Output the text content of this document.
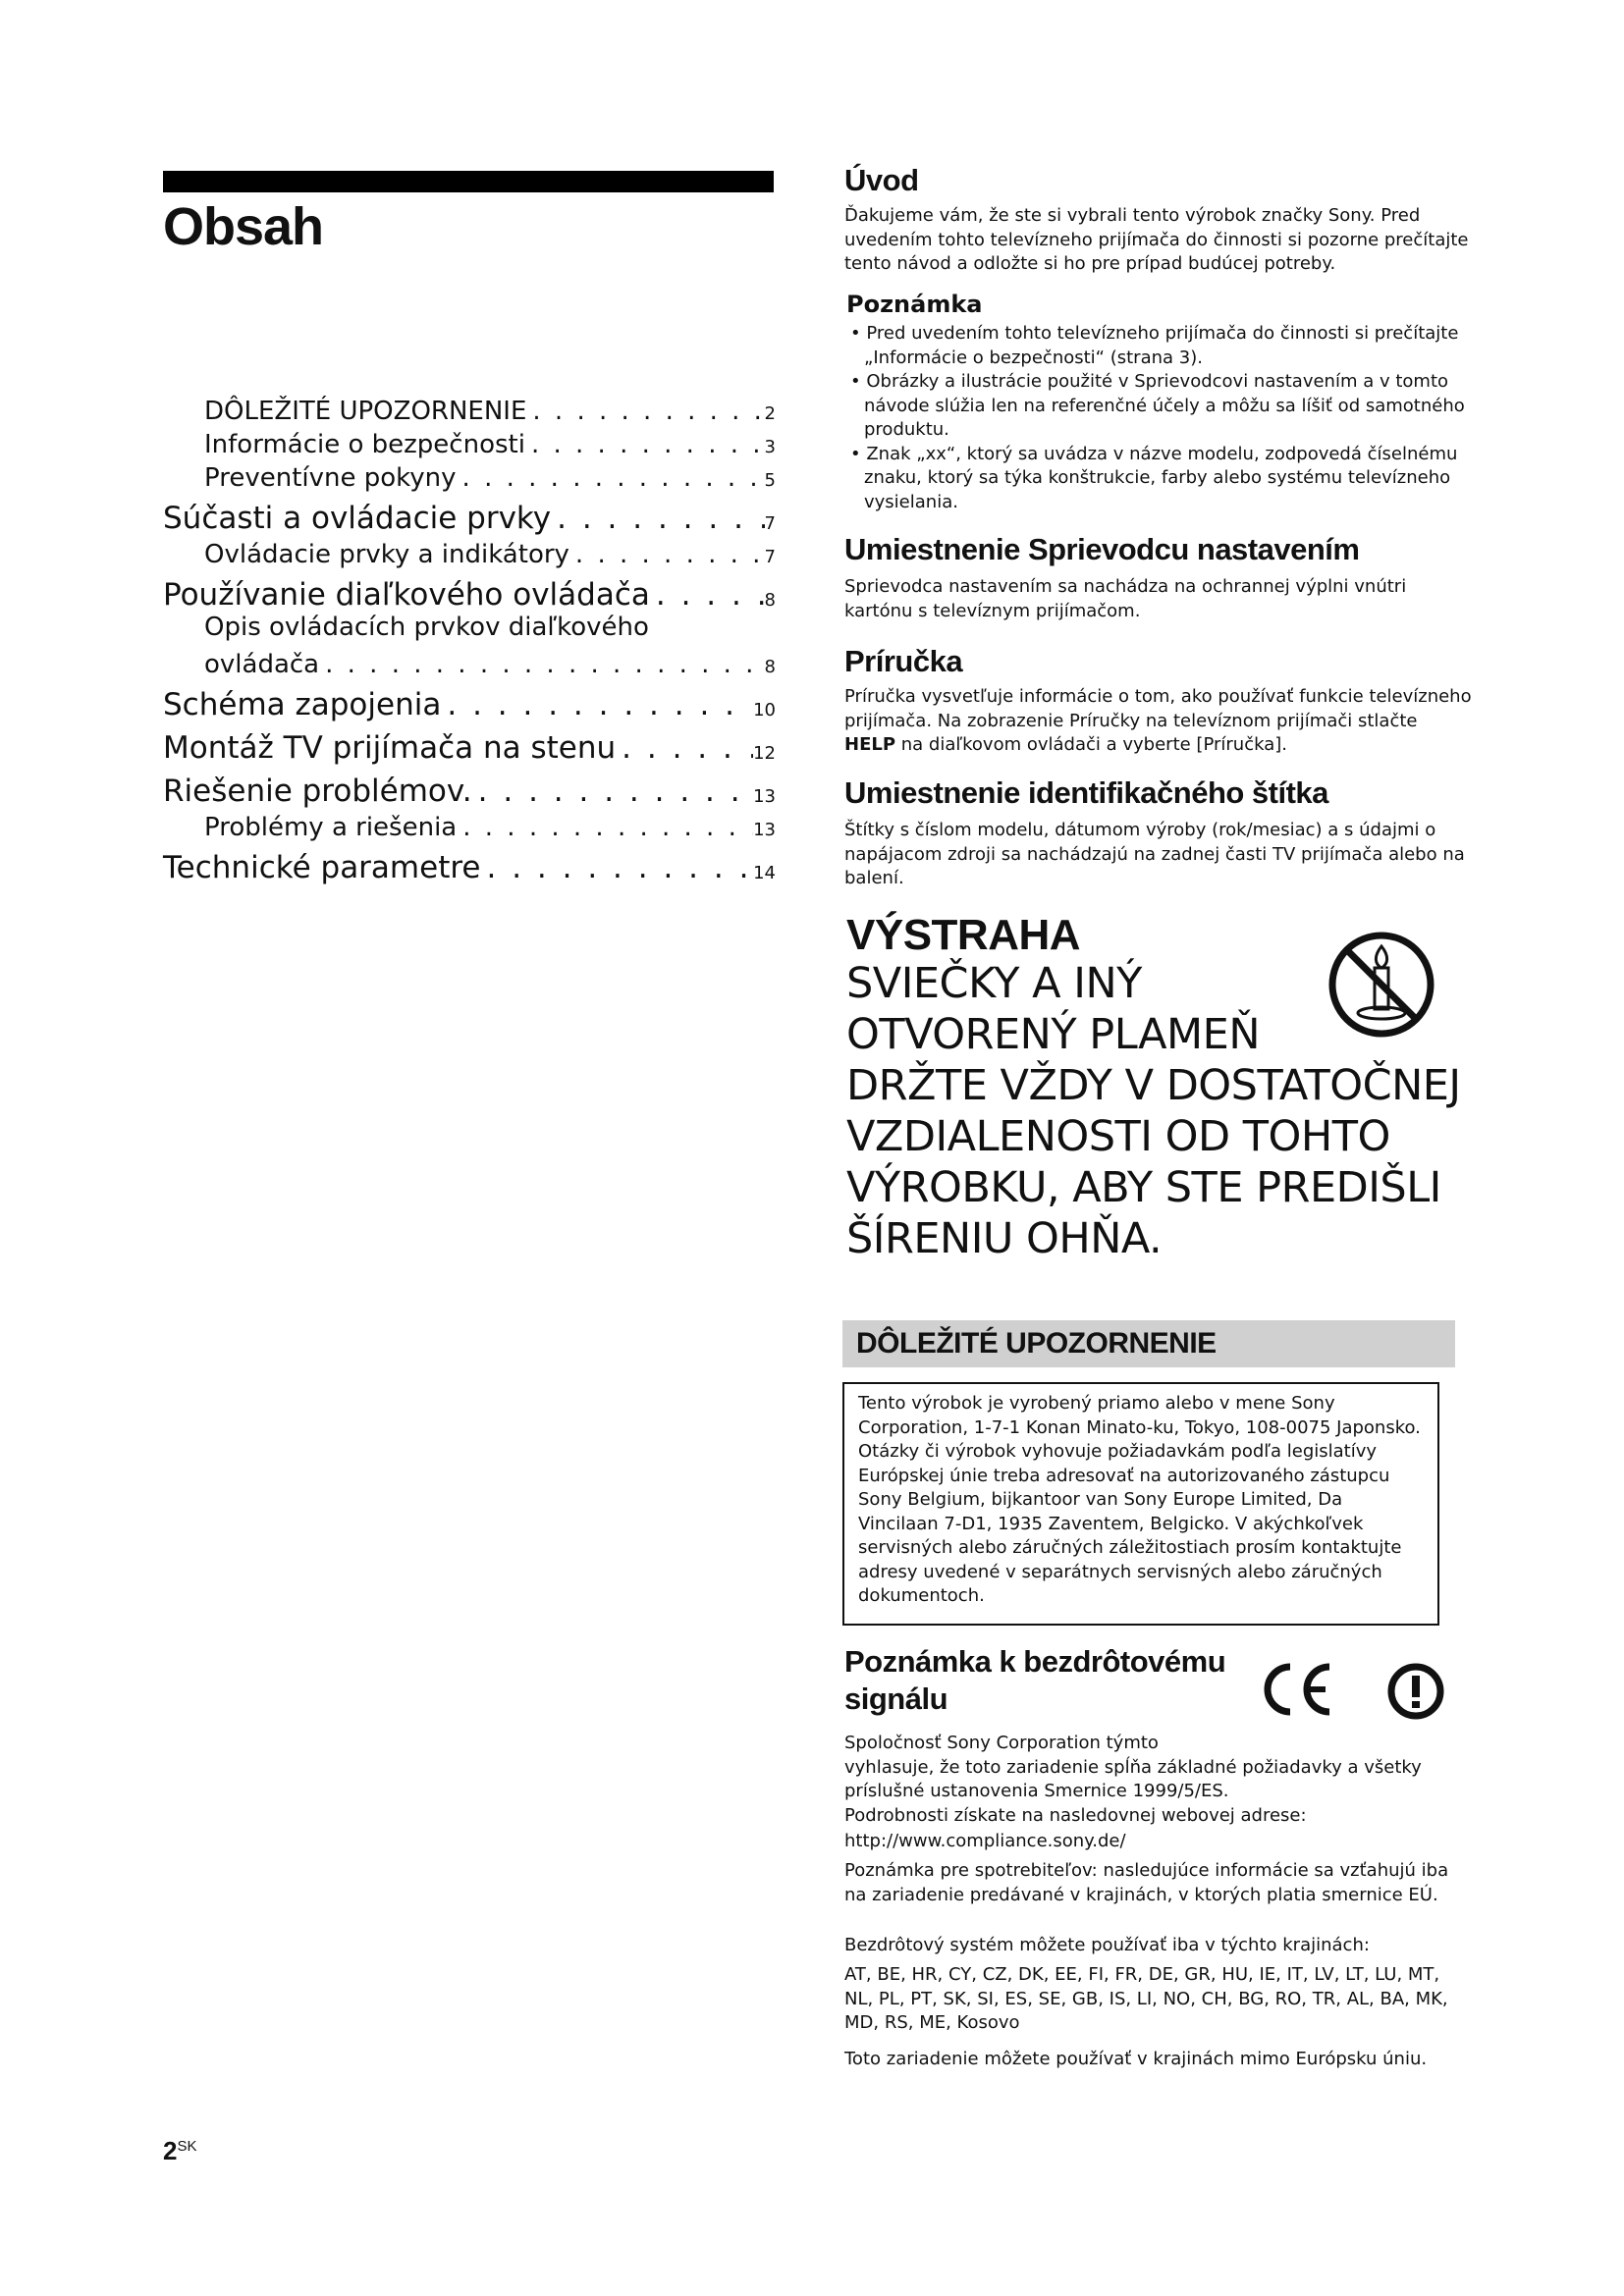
Obsah
DÔLEŽITÉ UPOZORNENIE . . .	2
Informácie o bezpečnosti . . .	3
Preventívne pokyny . . .	5
Súčasti a ovládacie prvky . . .	7
Ovládacie prvky a indikátory . . .	7
Používanie diaľkového ovládača . . .	8
Opis ovládacích prvkov diaľkového
ovládača . . .	8
Schéma zapojenia . . .	10
Montáž TV prijímača na stenu . . .	12
Riešenie problémov. . . .	13
Problémy a riešenia . . .	13
Technické parametre . . .	14
Úvod

Ďakujeme vám, že ste si vybrali tento výrobok značky Sony. Pred uvedením tohto televízneho prijímača do činnosti si pozorne prečítajte tento návod a odložte si ho pre prípad budúcej potreby.

Poznámka
• Pred uvedením tohto televízneho prijímača do činnosti si prečítajte „Informácie o bezpečnosti“ (strana 3).
• Obrázky a ilustrácie použité v Sprievodcovi nastavením a v tomto návode slúžia len na referenčné účely a môžu sa líšiť od samotného produktu.
• Znak „xx“, ktorý sa uvádza v názve modelu, zodpovedá číselnému znaku, ktorý sa týka konštrukcie, farby alebo systému televízneho vysielania.
Umiestnenie Sprievodcu nastavením

Sprievodca nastavením sa nachádza na ochrannej výplni vnútri kartónu s televíznym prijímačom.

Príručka

Príručka vysvetľuje informácie o tom, ako používať funkcie televízneho prijímača. Na zobrazenie Príručky na televíznom prijímači stlačte HELP na diaľkovom ovládači a vyberte [Príručka].

Umiestnenie identifikačného štítka

Štítky s číslom modelu, dátumom výroby (rok/mesiac) a s údajmi o napájacom zdroji sa nachádzajú na zadnej časti TV prijímača alebo na balení.

VÝSTRAHA
SVIEČKY A INÝ
OTVORENÝ PLAMEŇ
DRŽTE VŽDY V DOSTATOČNEJ
VZDIALENOSTI OD TOHTO
VÝROBKU, ABY STE PREDIŠLI
ŠÍRENIU OHŇA.
DÔLEŽITÉ UPOZORNENIE

Tento výrobok je vyrobený priamo alebo v mene Sony Corporation, 1-7-1 Konan Minato-ku, Tokyo, 108-0075 Japonsko. Otázky či výrobok vyhovuje požiadavkám podľa legislatívy Európskej únie treba adresovať na autorizovaného zástupcu Sony Belgium, bijkantoor van Sony Europe Limited, Da Vincilaan 7-D1, 1935 Zaventem, Belgicko. V akýchkoľvek servisných alebo záručných záležitostiach prosím kontaktujte adresy uvedené v separátnych servisných alebo záručných dokumentoch.

Poznámka k bezdrôtovému
signálu

Spoločnosť Sony Corporation týmto
vyhlasuje, že toto zariadenie spĺňa základné požiadavky a všetky príslušné ustanovenia Smernice 1999/5/ES.

Podrobnosti získate na nasledovnej webovej adrese:

http://www.compliance.sony.de/

Poznámka pre spotrebiteľov: nasledujúce informácie sa vzťahujú iba na zariadenie predávané v krajinách, v ktorých platia smernice EÚ.

Bezdrôtový systém môžete používať iba v týchto krajinách:

AT, BE, HR, CY, CZ, DK, EE, FI, FR, DE, GR, HU, IE, IT, LV, LT, LU, MT, NL, PL, PT, SK, SI, ES, SE, GB, IS, LI, NO, CH, BG, RO, TR, AL, BA, MK, MD, RS, ME, Kosovo

Toto zariadenie môžete používať v krajinách mimo Európsku úniu.

$2^{SK}$
